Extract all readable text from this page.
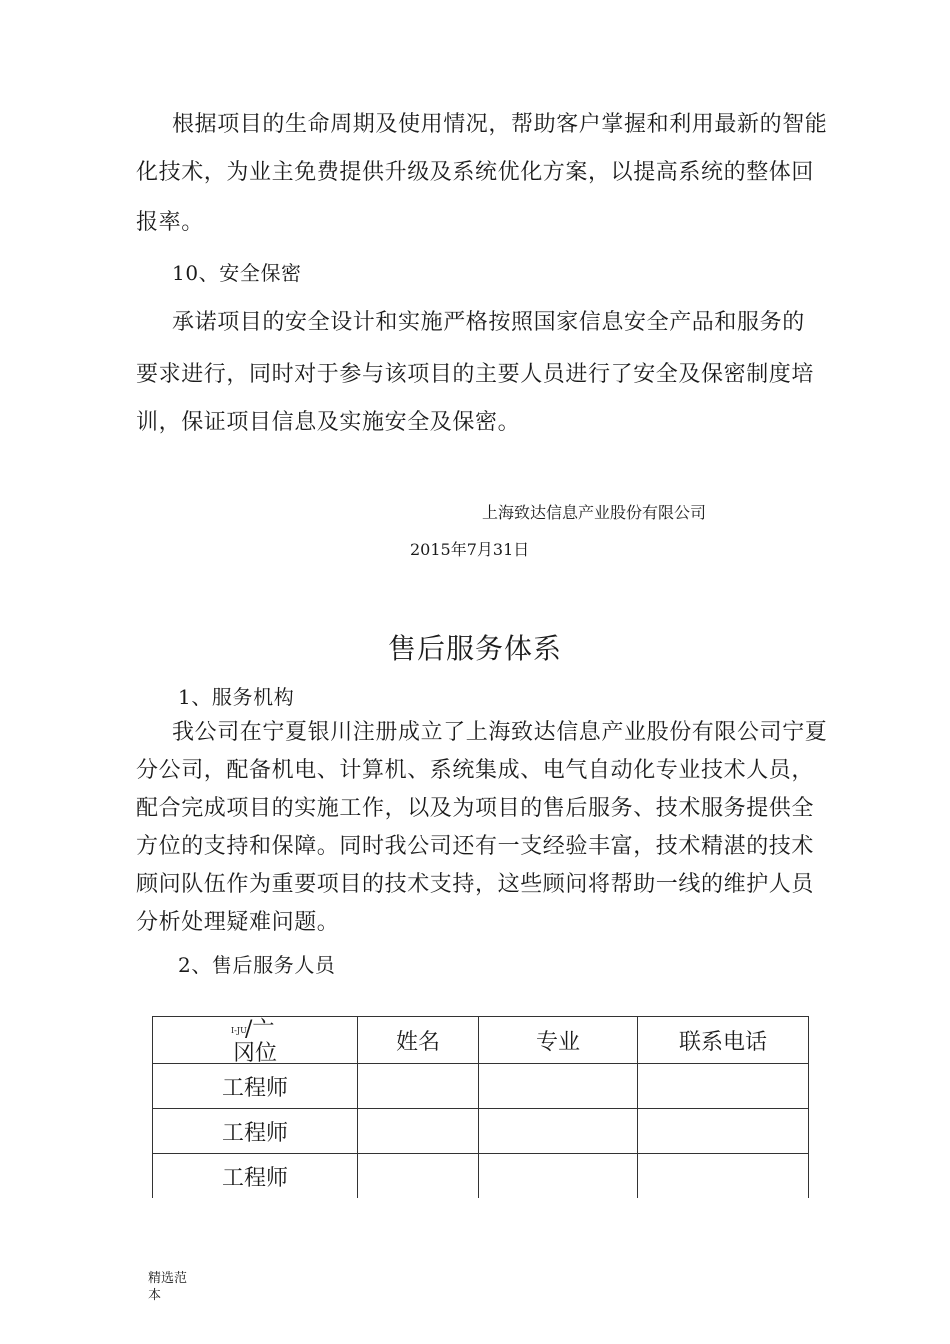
根据项目的生命周期及使用情况，帮助客户掌握和利用最新的智能
化技术，为业主免费提供升级及系统优化方案，以提高系统的整体回
报率。
10、安全保密
承诺项目的安全设计和实施严格按照国家信息安全产品和服务的
要求进行，同时对于参与该项目的主要人员进行了安全及保密制度培
训，保证项目信息及实施安全及保密。
上海致达信息产业股份有限公司
2015年7月31日
售后服务体系
1、服务机构
我公司在宁夏银川注册成立了上海致达信息产业股份有限公司宁夏
分公司，配备机电、计算机、系统集成、电气自动化专业技术人员，
配合完成项目的实施工作，以及为项目的售后服务、技术服务提供全
方位的支持和保障。同时我公司还有一支经验丰富，技术精湛的技术
顾问队伍作为重要项目的技术支持，这些顾问将帮助一线的维护人员
分析处理疑难问题。
2、售后服务人员
I-JU
/亠
冈位	姓名	专业	联系电话
工程师			
工程师			
工程师			
精选范本
